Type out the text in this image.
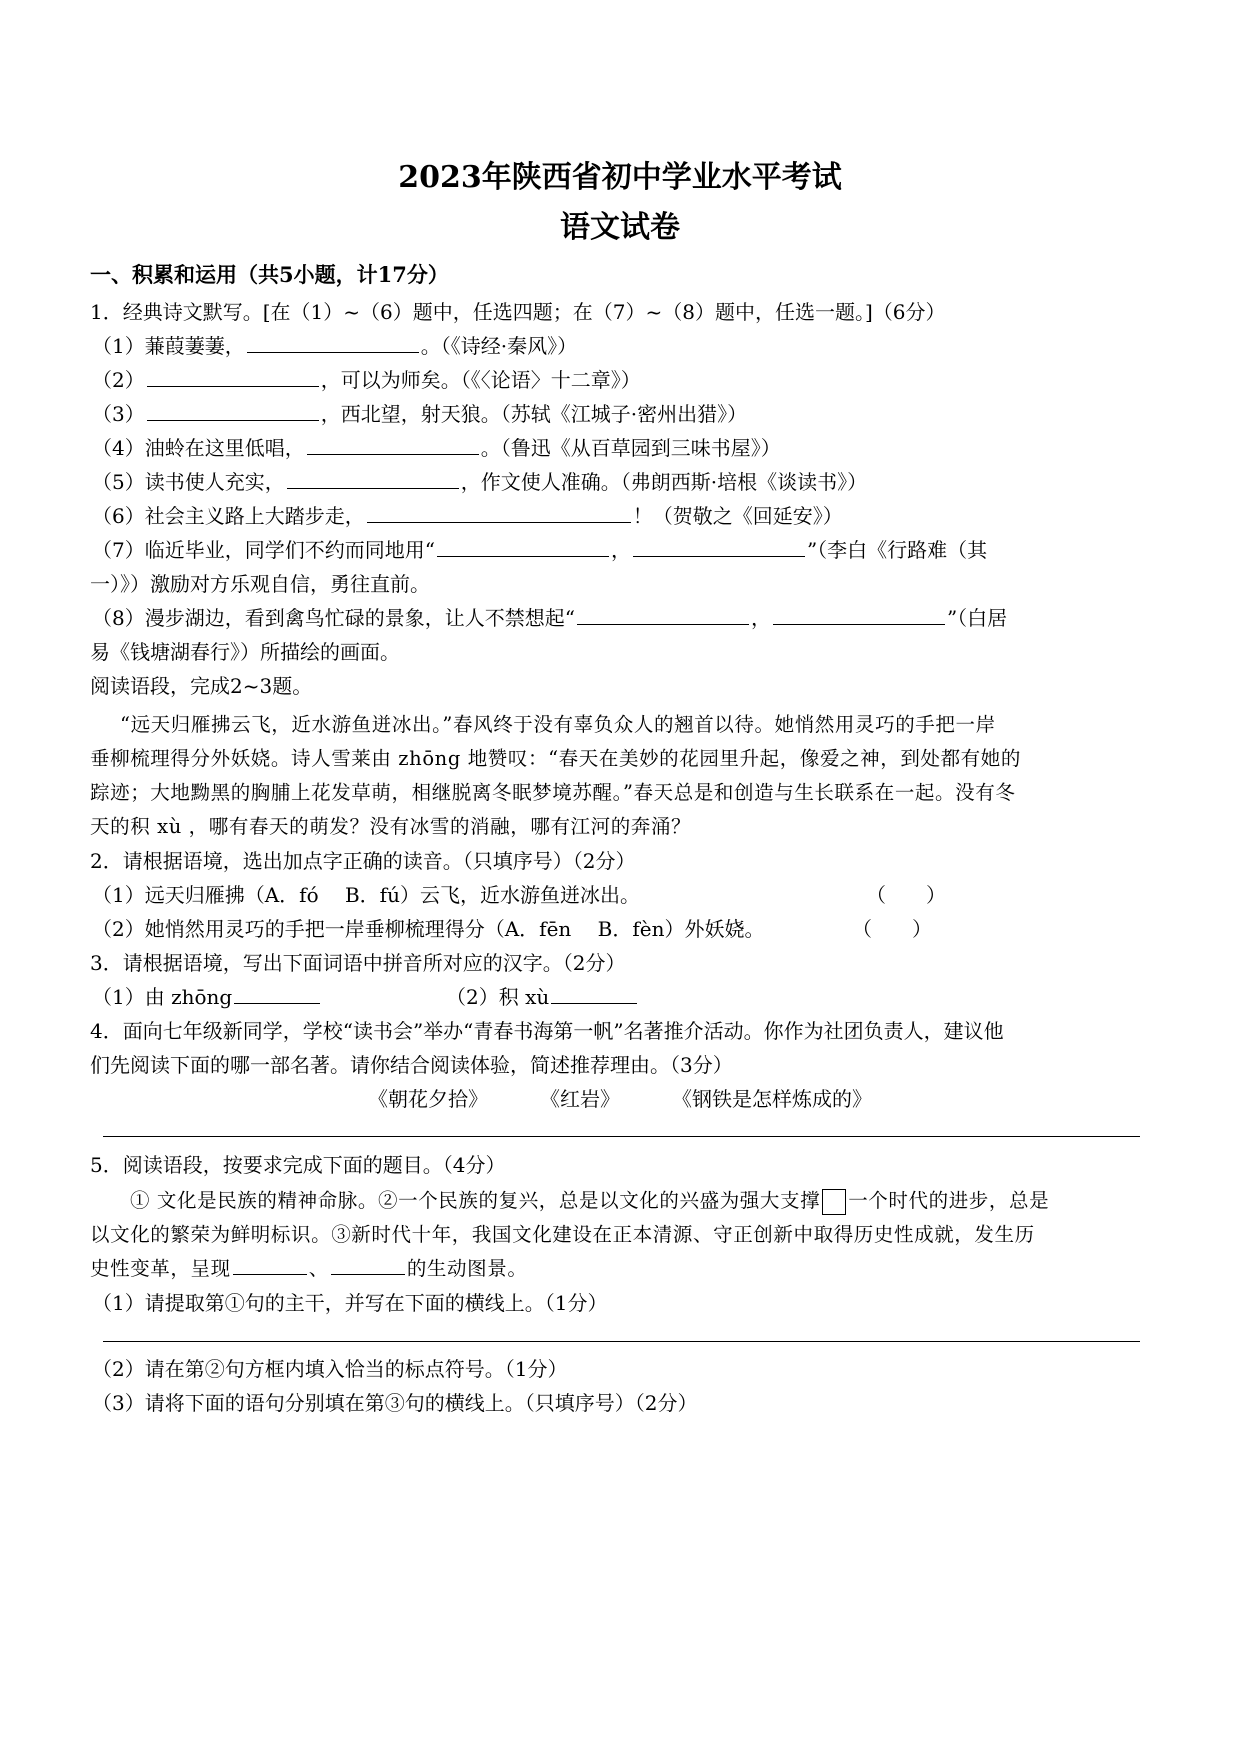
2023年陕西省初中学业水平考试
语文试卷
一、积累和运用（共5小题，计17分）
1．经典诗文默写。[在（1）~（6）题中，任选四题；在（7）~（8）题中，任选一题。]（6分）
（1）蒹葭萋萋，	。（《诗经·秦风》）
（2）	，可以为师矣。（《〈论语〉十二章》）
（3）	，西北望，射天狼。（苏轼《江城子·密州出猎》）
（4）油蛉在这里低唱，	。（鲁迅《从百草园到三味书屋》）
（5）读书使人充实，	，作文使人准确。（弗朗西斯·培根《谈读书》）
（6）社会主义路上大踏步走，	！（贺敬之《回延安》）
（7）临近毕业，同学们不约而同地用“	，	”（李白《行路难（其
一）》）激励对方乐观自信，勇往直前。
（8）漫步湖边，看到禽鸟忙碌的景象，让人不禁想起“	，	”（白居
易《钱塘湖春行》）所描绘的画面。
阅读语段，完成2~3题。
“远天归雁拂云飞，近水游鱼迸冰出。”春风终于没有辜负众人的翘首以待。她悄然用灵巧的手把一岸
垂柳梳理得分外妖娆。诗人雪莱由 zhōng 地赞叹：“春天在美妙的花园里升起，像爱之神，到处都有她的
踪迹；大地黝黑的胸脯上花发草萌，相继脱离冬眠梦境苏醒。”春天总是和创造与生长联系在一起。没有冬
天的积 xù ，哪有春天的萌发？没有冰雪的消融，哪有江河的奔涌？
2．请根据语境，选出加点字正确的读音。（只填序号）（2分）
（1）远天归雁拂（A．fó　 B．fú）云飞，近水游鱼迸冰出。	（　　）
（2）她悄然用灵巧的手把一岸垂柳梳理得分（A．fēn　 B．fèn）外妖娆。	（　　）
3．请根据语境，写出下面词语中拼音所对应的汉字。（2分）
（1）由 zhōng	（2）积 xù
4．面向七年级新同学，学校“读书会”举办“青春书海第一帆”名著推介活动。你作为社团负责人，建议他
们先阅读下面的哪一部名著。请你结合阅读体验，简述推荐理由。（3分）
《朝花夕拾》	《红岩》	《钢铁是怎样炼成的》
5．阅读语段，按要求完成下面的题目。（4分）
① 文化是民族的精神命脉。②一个民族的复兴，总是以文化的兴盛为强大支撑 一个时代的进步，总是
以文化的繁荣为鲜明标识。③新时代十年，我国文化建设在正本清源、守正创新中取得历史性成就，发生历
史性变革，呈现	、	的生动图景。
（1）请提取第①句的主干，并写在下面的横线上。（1分）
（2）请在第②句方框内填入恰当的标点符号。（1分）
（3）请将下面的语句分别填在第③句的横线上。（只填序号）（2分）
